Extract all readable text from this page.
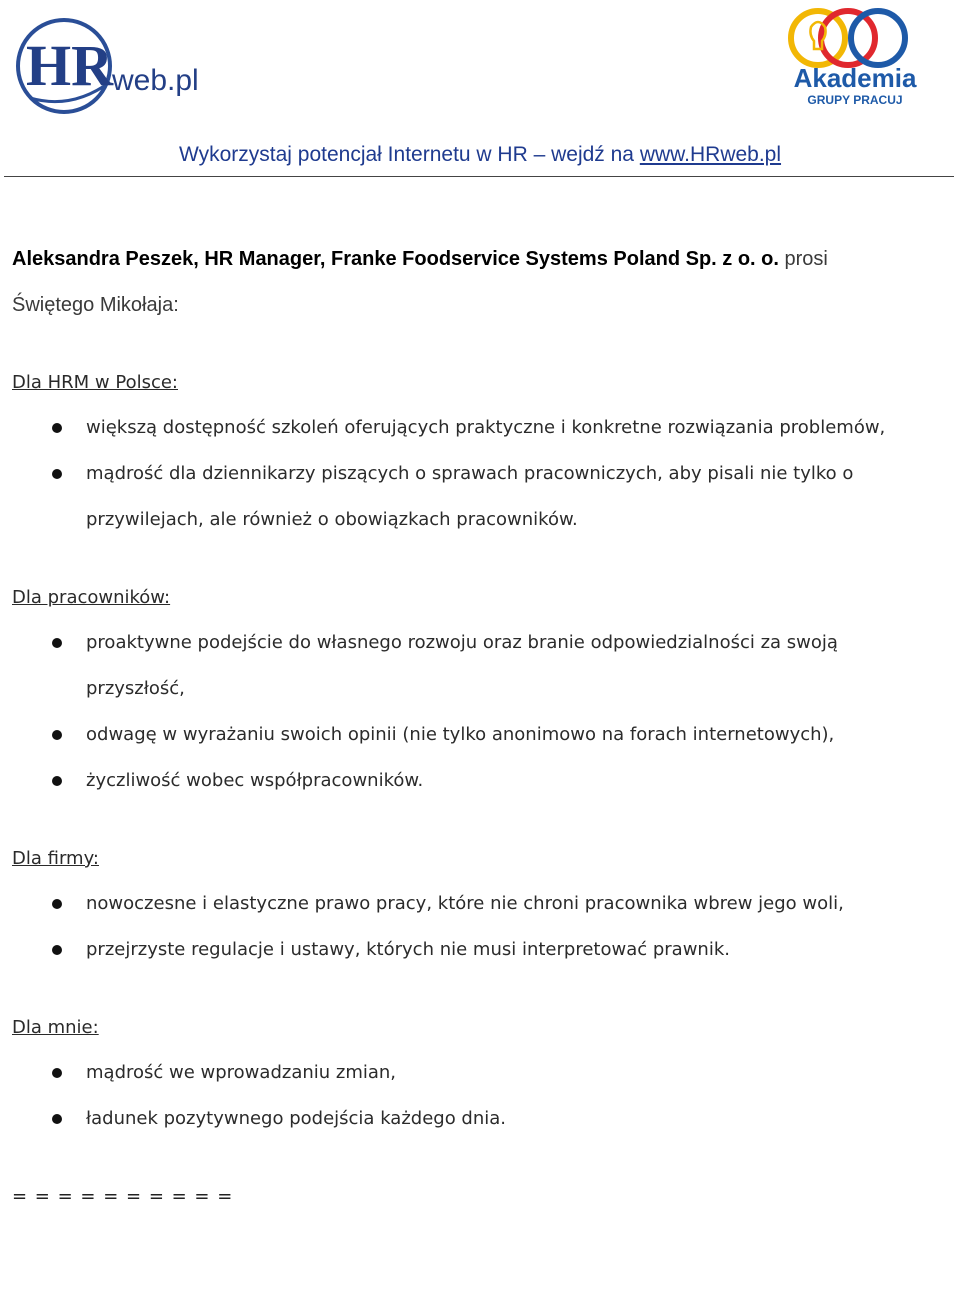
HR web.pl	Akademia
GRUPY PRACUJ
Wykorzystaj potencjał Internetu w HR – wejdź na www.HRweb.pl
Aleksandra Peszek, HR Manager, Franke Foodservice Systems Poland Sp. z o. o. prosi
Świętego Mikołaja:
Dla HRM w Polsce:
większą dostępność szkoleń oferujących praktyczne i konkretne rozwiązania problemów,
mądrość dla dziennikarzy piszących o sprawach pracowniczych, aby pisali nie tylko o przywilejach, ale również o obowiązkach pracowników.
Dla pracowników:
proaktywne podejście do własnego rozwoju oraz branie odpowiedzialności za swoją przyszłość,
odwagę w wyrażaniu swoich opinii (nie tylko anonimowo na forach internetowych),
życzliwość wobec współpracowników.
Dla firmy:
nowoczesne i elastyczne prawo pracy, które nie chroni pracownika wbrew jego woli,
przejrzyste regulacje i ustawy, których nie musi interpretować prawnik.
Dla mnie:
mądrość we wprowadzaniu zmian,
ładunek pozytywnego podejścia każdego dnia.
= = = = = = = = = =
